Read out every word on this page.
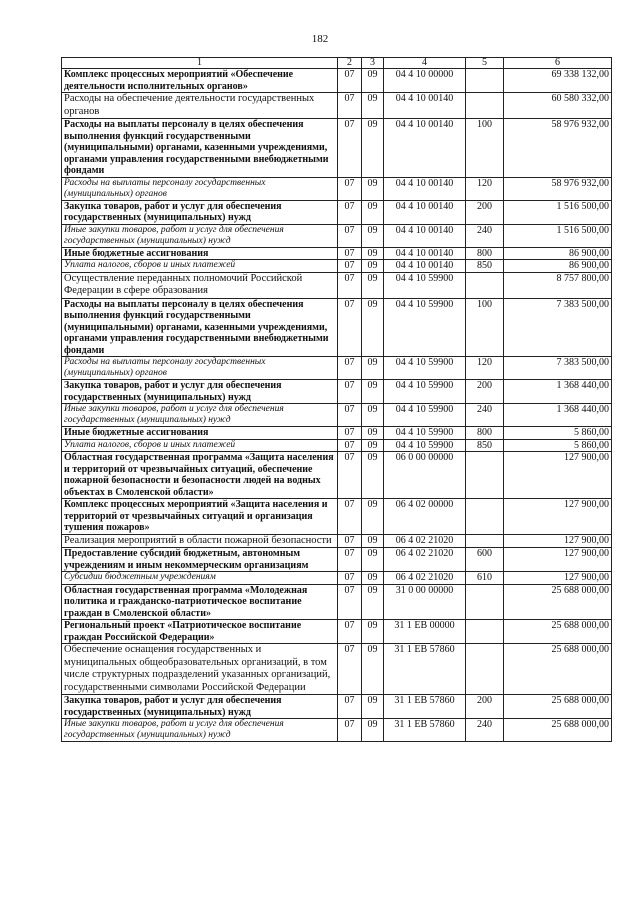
182
1	2	3	4	5	6
Комплекс процессных мероприятий «Обеспечение деятельности исполнительных органов»	07	09	04 4 10 00000		69 338 132,00
Расходы на обеспечение деятельности государственных органов	07	09	04 4 10 00140		60 580 332,00
Расходы на выплаты персоналу в целях обеспечения выполнения функций государственными (муниципальными) органами, казенными учреждениями, органами управления государственными внебюджетными фондами	07	09	04 4 10 00140	100	58 976 932,00
Расходы на выплаты персоналу государственных (муниципальных) органов	07	09	04 4 10 00140	120	58 976 932,00
Закупка товаров, работ и услуг для обеспечения государственных (муниципальных) нужд	07	09	04 4 10 00140	200	1 516 500,00
Иные закупки товаров, работ и услуг для обеспечения государственных (муниципальных) нужд	07	09	04 4 10 00140	240	1 516 500,00
Иные бюджетные ассигнования	07	09	04 4 10 00140	800	86 900,00
Уплата налогов, сборов и иных платежей	07	09	04 4 10 00140	850	86 900,00
Осуществление переданных полномочий Российской Федерации в сфере образования	07	09	04 4 10 59900		8 757 800,00
Расходы на выплаты персоналу в целях обеспечения выполнения функций государственными (муниципальными) органами, казенными учреждениями, органами управления государственными внебюджетными фондами	07	09	04 4 10 59900	100	7 383 500,00
Расходы на выплаты персоналу государственных (муниципальных) органов	07	09	04 4 10 59900	120	7 383 500,00
Закупка товаров, работ и услуг для обеспечения государственных (муниципальных) нужд	07	09	04 4 10 59900	200	1 368 440,00
Иные закупки товаров, работ и услуг для обеспечения государственных (муниципальных) нужд	07	09	04 4 10 59900	240	1 368 440,00
Иные бюджетные ассигнования	07	09	04 4 10 59900	800	5 860,00
Уплата налогов, сборов и иных платежей	07	09	04 4 10 59900	850	5 860,00
Областная государственная программа «Защита населения и территорий от чрезвычайных ситуаций, обеспечение пожарной безопасности и безопасности людей на водных объектах в Смоленской области»	07	09	06 0 00 00000		127 900,00
Комплекс процессных мероприятий «Защита населения и территорий от чрезвычайных ситуаций и организация тушения пожаров»	07	09	06 4 02 00000		127 900,00
Реализация мероприятий в области пожарной безопасности	07	09	06 4 02 21020		127 900,00
Предоставление субсидий бюджетным, автономным учреждениям и иным некоммерческим организациям	07	09	06 4 02 21020	600	127 900,00
Субсидии бюджетным учреждениям	07	09	06 4 02 21020	610	127 900,00
Областная государственная программа «Молодежная политика и гражданско-патриотическое воспитание граждан в Смоленской области»	07	09	31 0 00 00000		25 688 000,00
Региональный проект «Патриотическое воспитание граждан Российской Федерации»	07	09	31 1 ЕВ 00000		25 688 000,00
Обеспечение оснащения государственных и муниципальных общеобразовательных организаций, в том числе структурных подразделений указанных организаций, государственными символами Российской Федерации	07	09	31 1 ЕВ 57860		25 688 000,00
Закупка товаров, работ и услуг для обеспечения государственных (муниципальных) нужд	07	09	31 1 ЕВ 57860	200	25 688 000,00
Иные закупки товаров, работ и услуг для обеспечения государственных (муниципальных) нужд	07	09	31 1 ЕВ 57860	240	25 688 000,00
